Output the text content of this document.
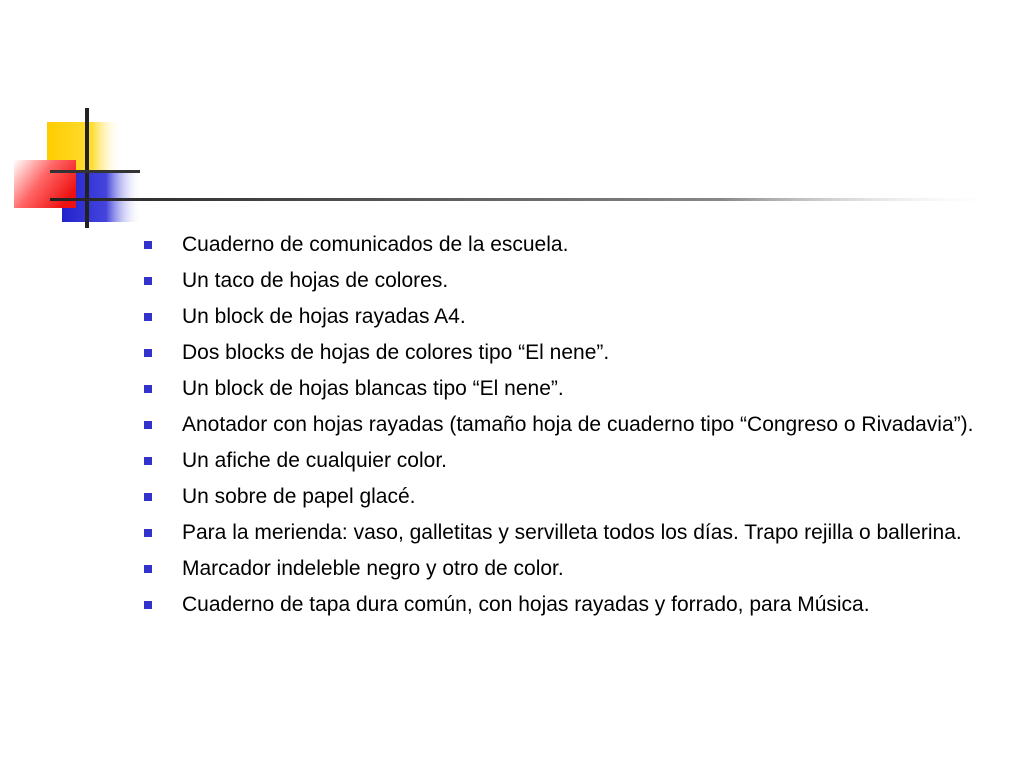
Cuaderno de comunicados de la escuela.
Un taco de hojas de colores.
Un block de hojas rayadas A4.
Dos blocks de hojas de colores tipo “El nene”.
Un block de hojas blancas tipo “El nene”.
Anotador con hojas rayadas (tamaño hoja de cuaderno tipo “Congreso o Rivadavia”).
Un afiche de cualquier color.
Un sobre de papel glacé.
Para la merienda: vaso, galletitas y servilleta todos los días. Trapo rejilla o ballerina.
Marcador indeleble negro y otro de color.
Cuaderno de tapa dura común, con hojas rayadas y forrado, para Música.
